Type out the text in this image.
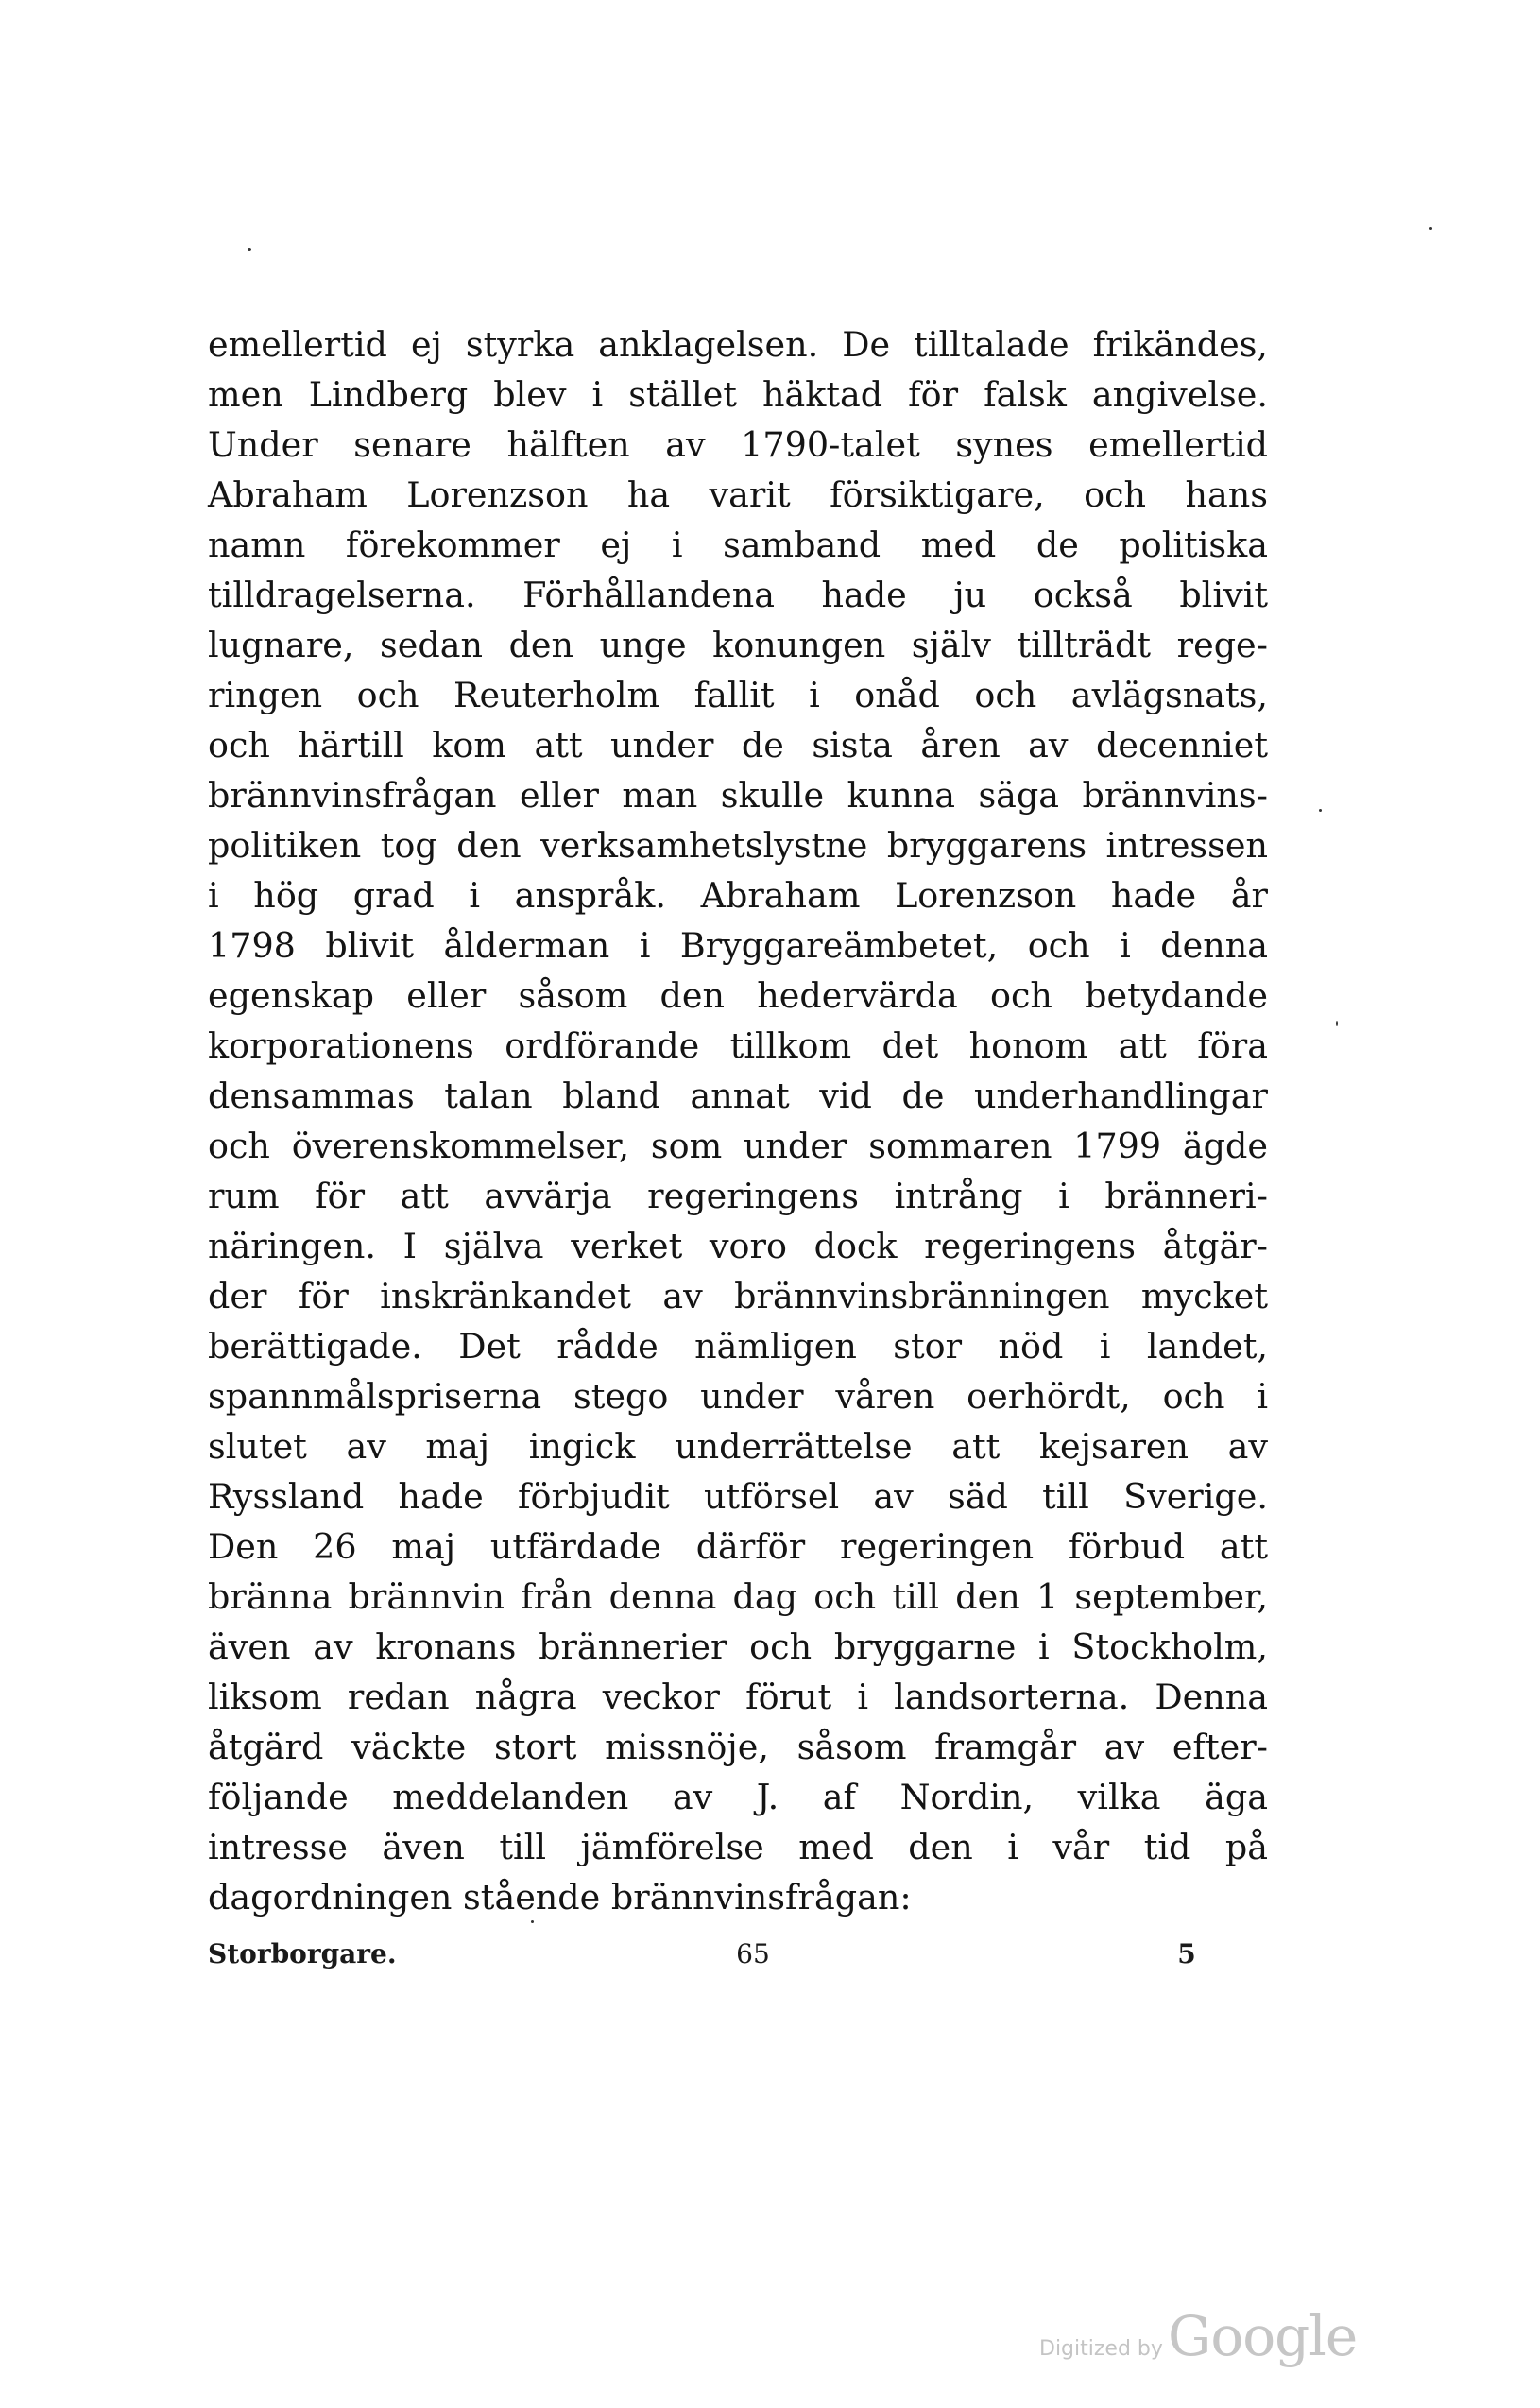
emellertid ej styrka anklagelsen. De tilltalade frikändes,
men Lindberg blev i stället häktad för falsk angivelse.
Under senare hälften av 1790-talet synes emellertid
Abraham Lorenzson ha varit försiktigare, och hans
namn förekommer ej i samband med de politiska
tilldragelserna. Förhållandena hade ju också blivit
lugnare, sedan den unge konungen själv tillträdt rege-
ringen och Reuterholm fallit i onåd och avlägsnats,
och härtill kom att under de sista åren av decenniet
brännvinsfrågan eller man skulle kunna säga brännvins-
politiken tog den verksamhetslystne bryggarens intressen
i hög grad i anspråk. Abraham Lorenzson hade år
1798 blivit ålderman i Bryggareämbetet, och i denna
egenskap eller såsom den hedervärda och betydande
korporationens ordförande tillkom det honom att föra
densammas talan bland annat vid de underhandlingar
och överenskommelser, som under sommaren 1799 ägde
rum för att avvärja regeringens intrång i bränneri-
näringen. I själva verket voro dock regeringens åtgär-
der för inskränkandet av brännvinsbränningen mycket
berättigade. Det rådde nämligen stor nöd i landet,
spannmålspriserna stego under våren oerhördt, och i
slutet av maj ingick underrättelse att kejsaren av
Ryssland hade förbjudit utförsel av säd till Sverige.
Den 26 maj utfärdade därför regeringen förbud att
bränna brännvin från denna dag och till den 1 september,
även av kronans brännerier och bryggarne i Stockholm,
liksom redan några veckor förut i landsorterna. Denna
åtgärd väckte stort missnöje, såsom framgår av efter-
följande meddelanden av J. af Nordin, vilka äga
intresse även till jämförelse med den i vår tid på
dagordningen stående brännvinsfrågan:
Storborgare.	65	5
Digitized by Google
